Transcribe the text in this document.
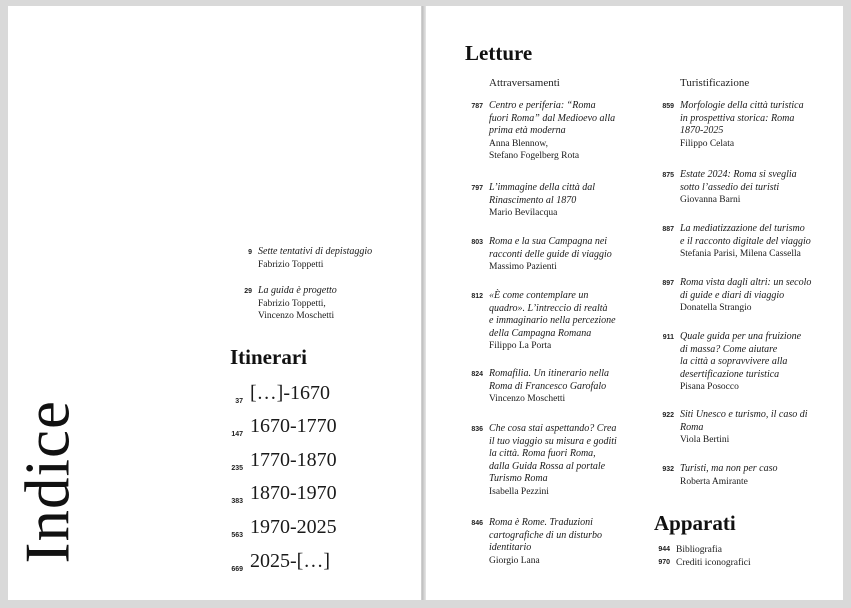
Indice
9 Sette tentativi di depistaggio
Fabrizio Toppetti
29 La guida è progetto
Fabrizio Toppetti,
Vincenzo Moschetti
Itinerari
37 […]-1670
147 1670-1770
235 1770-1870
383 1870-1970
563 1970-2025
669 2025-[…]
Letture
Attraversamenti	Turistificazione
787 Centro e periferia: “Roma
fuori Roma” dal Medioevo alla
prima età moderna
Anna Blennow,
Stefano Fogelberg Rota
797 L’immagine della città dal
Rinascimento al 1870
Mario Bevilacqua
803 Roma e la sua Campagna nei
racconti delle guide di viaggio
Massimo Pazienti
812 «È come contemplare un
quadro». L’intreccio di realtà
e immaginario nella percezione
della Campagna Romana
Filippo La Porta
824 Romafilia. Un itinerario nella
Roma di Francesco Garofalo
Vincenzo Moschetti
836 Che cosa stai aspettando? Crea
il tuo viaggio su misura e goditi
la città. Roma fuori Roma,
dalla Guida Rossa al portale
Turismo Roma
Isabella Pezzini
846 Roma è Rome. Traduzioni
cartografiche di un disturbo
identitario
Giorgio Lana
859 Morfologie della città turistica
in prospettiva storica: Roma
1870-2025
Filippo Celata
875 Estate 2024: Roma si sveglia
sotto l’assedio dei turisti
Giovanna Barni
887 La mediatizzazione del turismo
e il racconto digitale del viaggio
Stefania Parisi, Milena Cassella
897 Roma vista dagli altri: un secolo
di guide e diari di viaggio
Donatella Strangio
911 Quale guida per una fruizione
di massa? Come aiutare
la città a sopravvivere alla
desertificazione turistica
Pisana Posocco
922 Siti Unesco e turismo, il caso di
Roma
Viola Bertini
932 Turisti, ma non per caso
Roberta Amirante
Apparati
944 Bibliografia
970 Crediti iconografici
